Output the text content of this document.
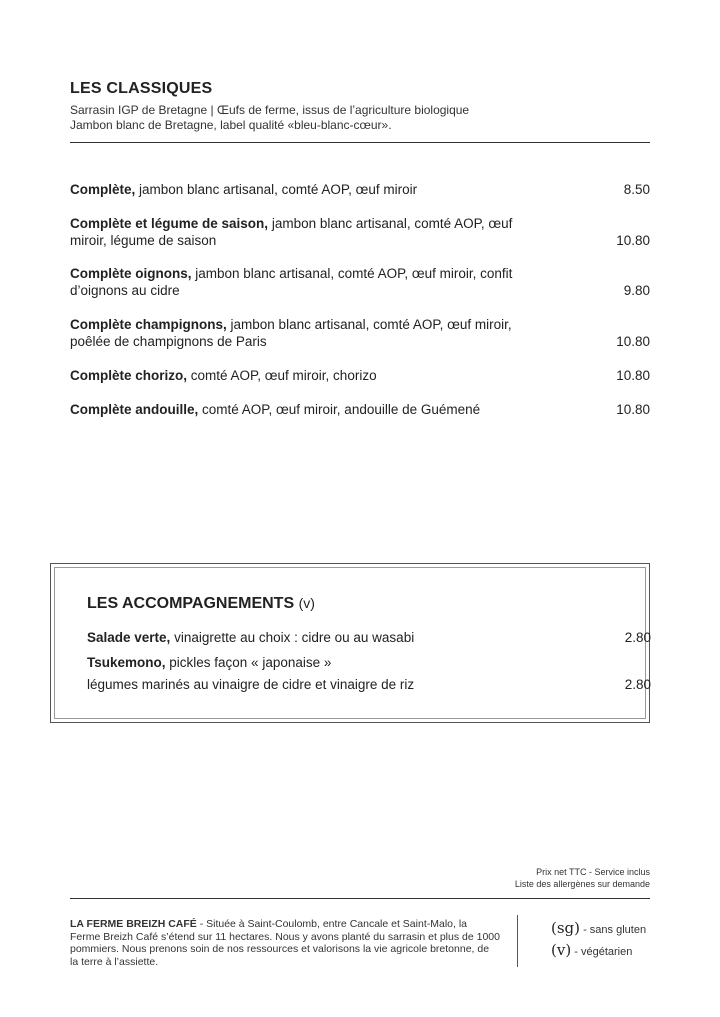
LES CLASSIQUES
Sarrasin IGP de Bretagne | Œufs de ferme, issus de l’agriculture biologique
Jambon blanc de Bretagne, label qualité «bleu-blanc-cœur».
Complète, jambon blanc artisanal, comté AOP, œuf miroir	8.50
Complète et légume de saison, jambon blanc artisanal, comté AOP, œuf miroir, légume de saison	10.80
Complète oignons, jambon blanc artisanal, comté AOP, œuf miroir, confit d’oignons au cidre	9.80
Complète champignons, jambon blanc artisanal, comté AOP, œuf miroir, poêlée de champignons de Paris	10.80
Complète chorizo, comté AOP, œuf miroir, chorizo	10.80
Complète andouille, comté AOP, œuf miroir, andouille de Guémené	10.80
LES ACCOMPAGNEMENTS (v)
Salade verte, vinaigrette au choix : cidre ou au wasabi	2.80
Tsukemono, pickles façon « japonaise »
légumes marinés au vinaigre de cidre et vinaigre de riz	2.80
Prix net TTC - Service inclus
Liste des allergènes sur demande
LA FERME BREIZH CAFÉ - Située à Saint-Coulomb, entre Cancale et Saint-Malo, la Ferme Breizh Café s’étend sur 11 hectares. Nous y avons planté du sarrasin et plus de 1000 pommiers. Nous prenons soin de nos ressources et valorisons la vie agricole bretonne, de la terre à l’assiette.
(sg) - sans gluten
(v) - végétarien
